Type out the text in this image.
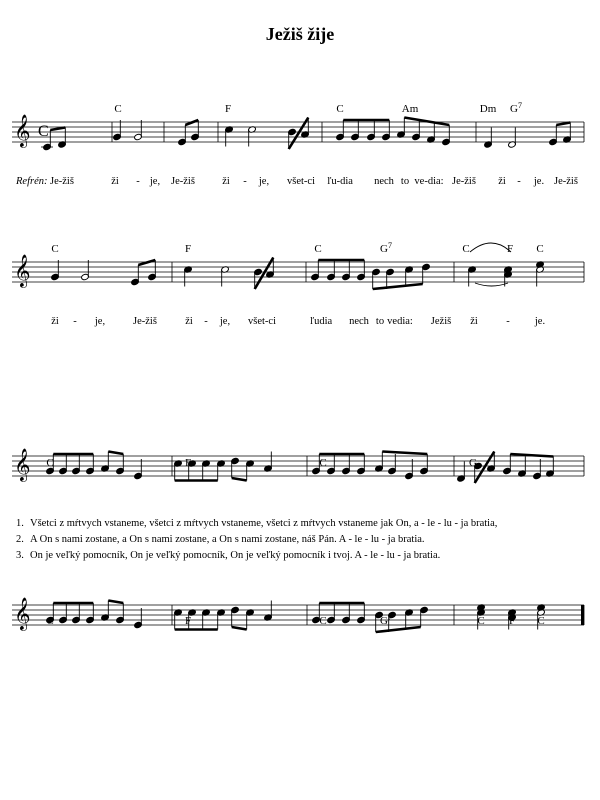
Ježiš žije
𝄞 C
𝄞
𝄞
𝄞
C	F	C	Am	Dm $G^7$
Refrén: Je-žiš	ži - je, Je-žiš	ži - je, všet-ci ľu-dia nech to ve-dia: Je-žiš ži - je. Je-žiš
C	F	C	$G^7$	C	F C
ži - je,	Je-žiš	ži - je, všet-ci	ľudia nech to vedia: Ježiš ži	- je.
C	F	C	G
1.
2.
3.
Všetci z mŕtvych vstaneme, všetci z mŕtvych vstaneme, všetci z mŕtvych vstaneme jak On, a - le - lu - ja bratia,
A On s nami zostane, a On s nami zostane, a On s nami zostane, náš Pán. A - le - lu - ja bratia.
On je veľký pomocník, On je veľký pomocník, On je veľký pomocník i tvoj. A - le - lu - ja bratia.
C	F	C	$G^7$	C F C
